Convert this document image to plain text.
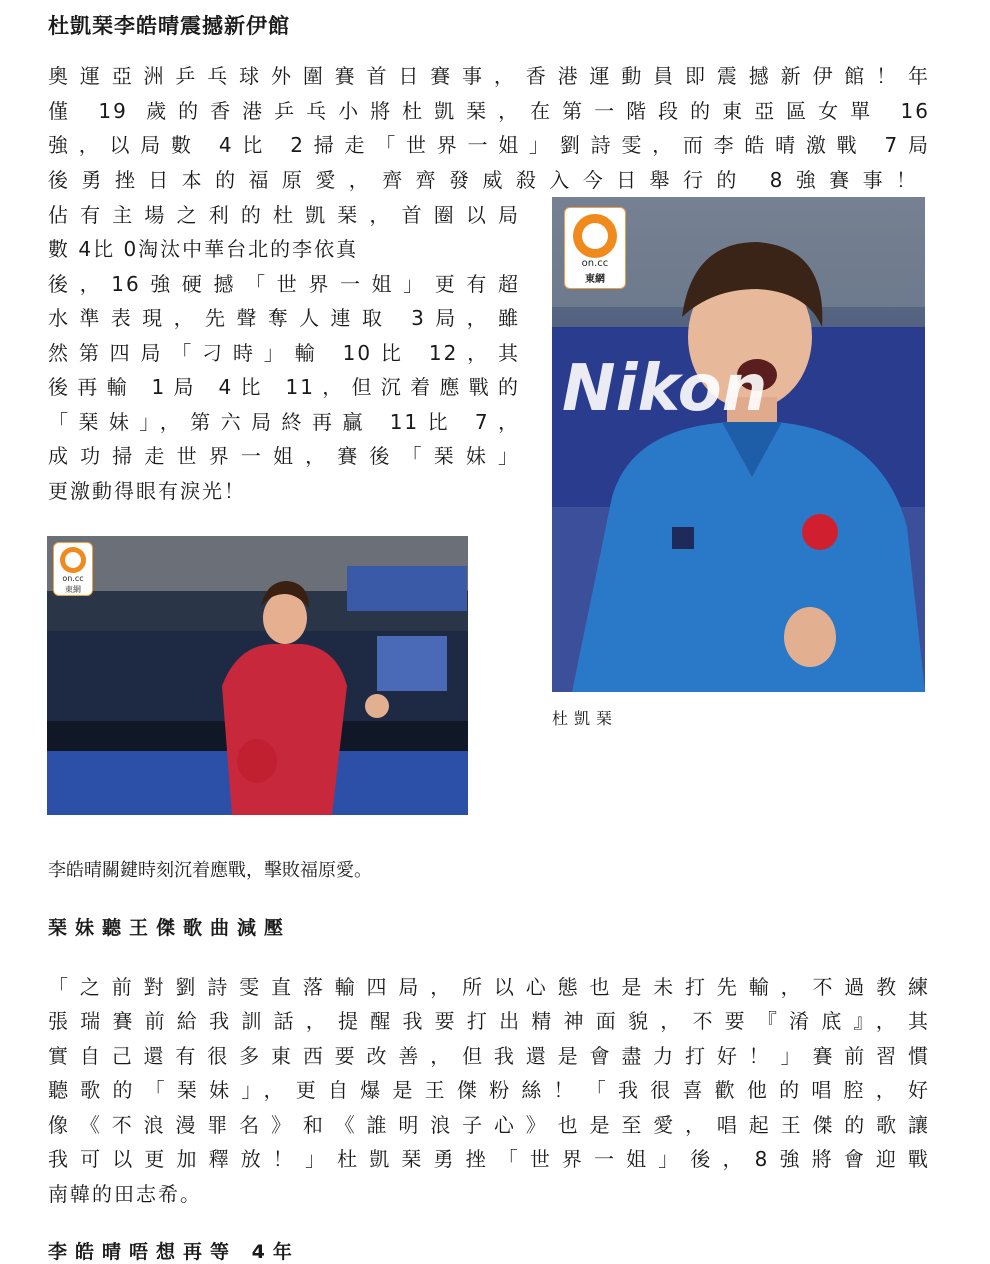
杜凱琹李皓晴震撼新伊館
奧運亞洲乒乓球外圍賽首日賽事，香港運動員即震撼新伊館！年
僅 19 歲的香港乒乓小將杜凱琹，在第一階段的東亞區女單 16
強，以局數 4比 2掃走「世界一姐」劉詩雯，而李皓晴激戰 7局
後勇挫日本的福原愛，齊齊發威殺入今日舉行的 8強賽事！
佔有主場之利的杜凱琹，首圈以局
數 4比 0淘汰中華台北的李依真
後，16強硬撼「世界一姐」更有超
水準表現，先聲奪人連取 3局，雖
然第四局「刁時」輸 10比 12，其
後再輸 1局 4比 11，但沉着應戰的
「琹妹」，第六局終再贏 11比 7，
成功掃走世界一姐，賽後「琹妹」
更激動得眼有淚光！
on.cc
東網
Nikon
杜凱琹
on.cc
東網
李皓晴關鍵時刻沉着應戰，擊敗福原愛。
琹妹聽王傑歌曲減壓
「之前對劉詩雯直落輸四局，所以心態也是未打先輸，不過教練
張瑞賽前給我訓話，提醒我要打出精神面貌，不要『淆底』，其
實自己還有很多東西要改善，但我還是會盡力打好！」賽前習慣
聽歌的「琹妹」，更自爆是王傑粉絲！「我很喜歡他的唱腔，好
像《不浪漫罪名》和《誰明浪子心》也是至愛，唱起王傑的歌讓
我可以更加釋放！」杜凱琹勇挫「世界一姐」後，8強將會迎戰
南韓的田志希。
李皓晴唔想再等 4年
